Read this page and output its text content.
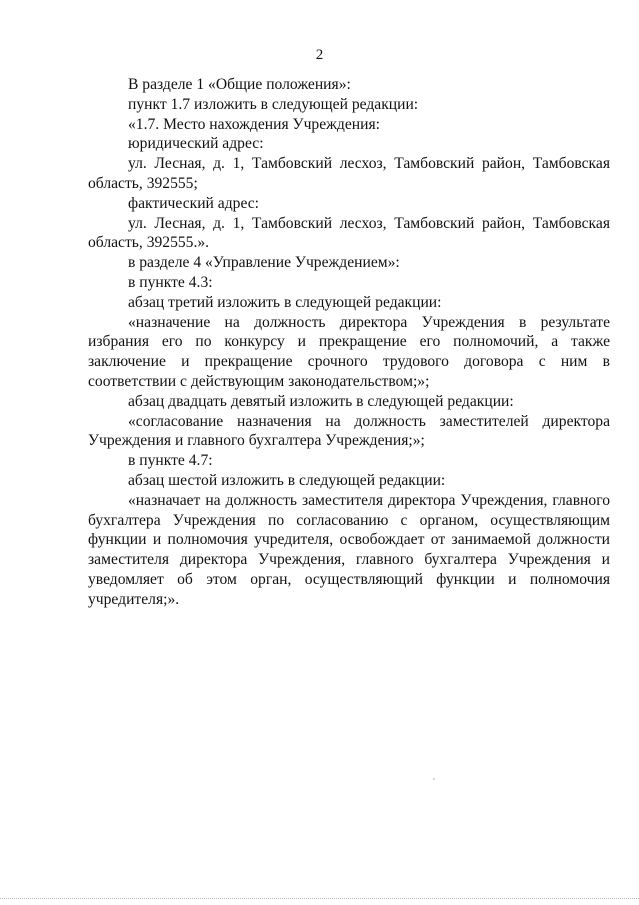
2

В разделе 1 «Общие положения»:

пункт 1.7 изложить в следующей редакции:

«1.7. Место нахождения Учреждения:

юридический адрес:

ул. Лесная, д. 1, Тамбовский лесхоз, Тамбовский район, Тамбовская область, 392555;

фактический адрес:

ул. Лесная, д. 1, Тамбовский лесхоз, Тамбовский район, Тамбовская область, 392555.».

в разделе 4 «Управление Учреждением»:

в пункте 4.3:

абзац третий изложить в следующей редакции:

«назначение на должность директора Учреждения в результате избрания его по конкурсу и прекращение его полномочий, а также заключение и прекращение срочного трудового договора с ним в соответствии с действующим законодательством;»;

абзац двадцать девятый изложить в следующей редакции:

«согласование назначения на должность заместителей директора Учреждения и главного бухгалтера Учреждения;»;

в пункте 4.7:

абзац шестой изложить в следующей редакции:

«назначает на должность заместителя директора Учреждения, главного бухгалтера Учреждения по согласованию с органом, осуществляющим функции и полномочия учредителя, освобождает от занимаемой должности заместителя директора Учреждения, главного бухгалтера Учреждения и уведомляет об этом орган, осуществляющий функции и полномочия учредителя;».
